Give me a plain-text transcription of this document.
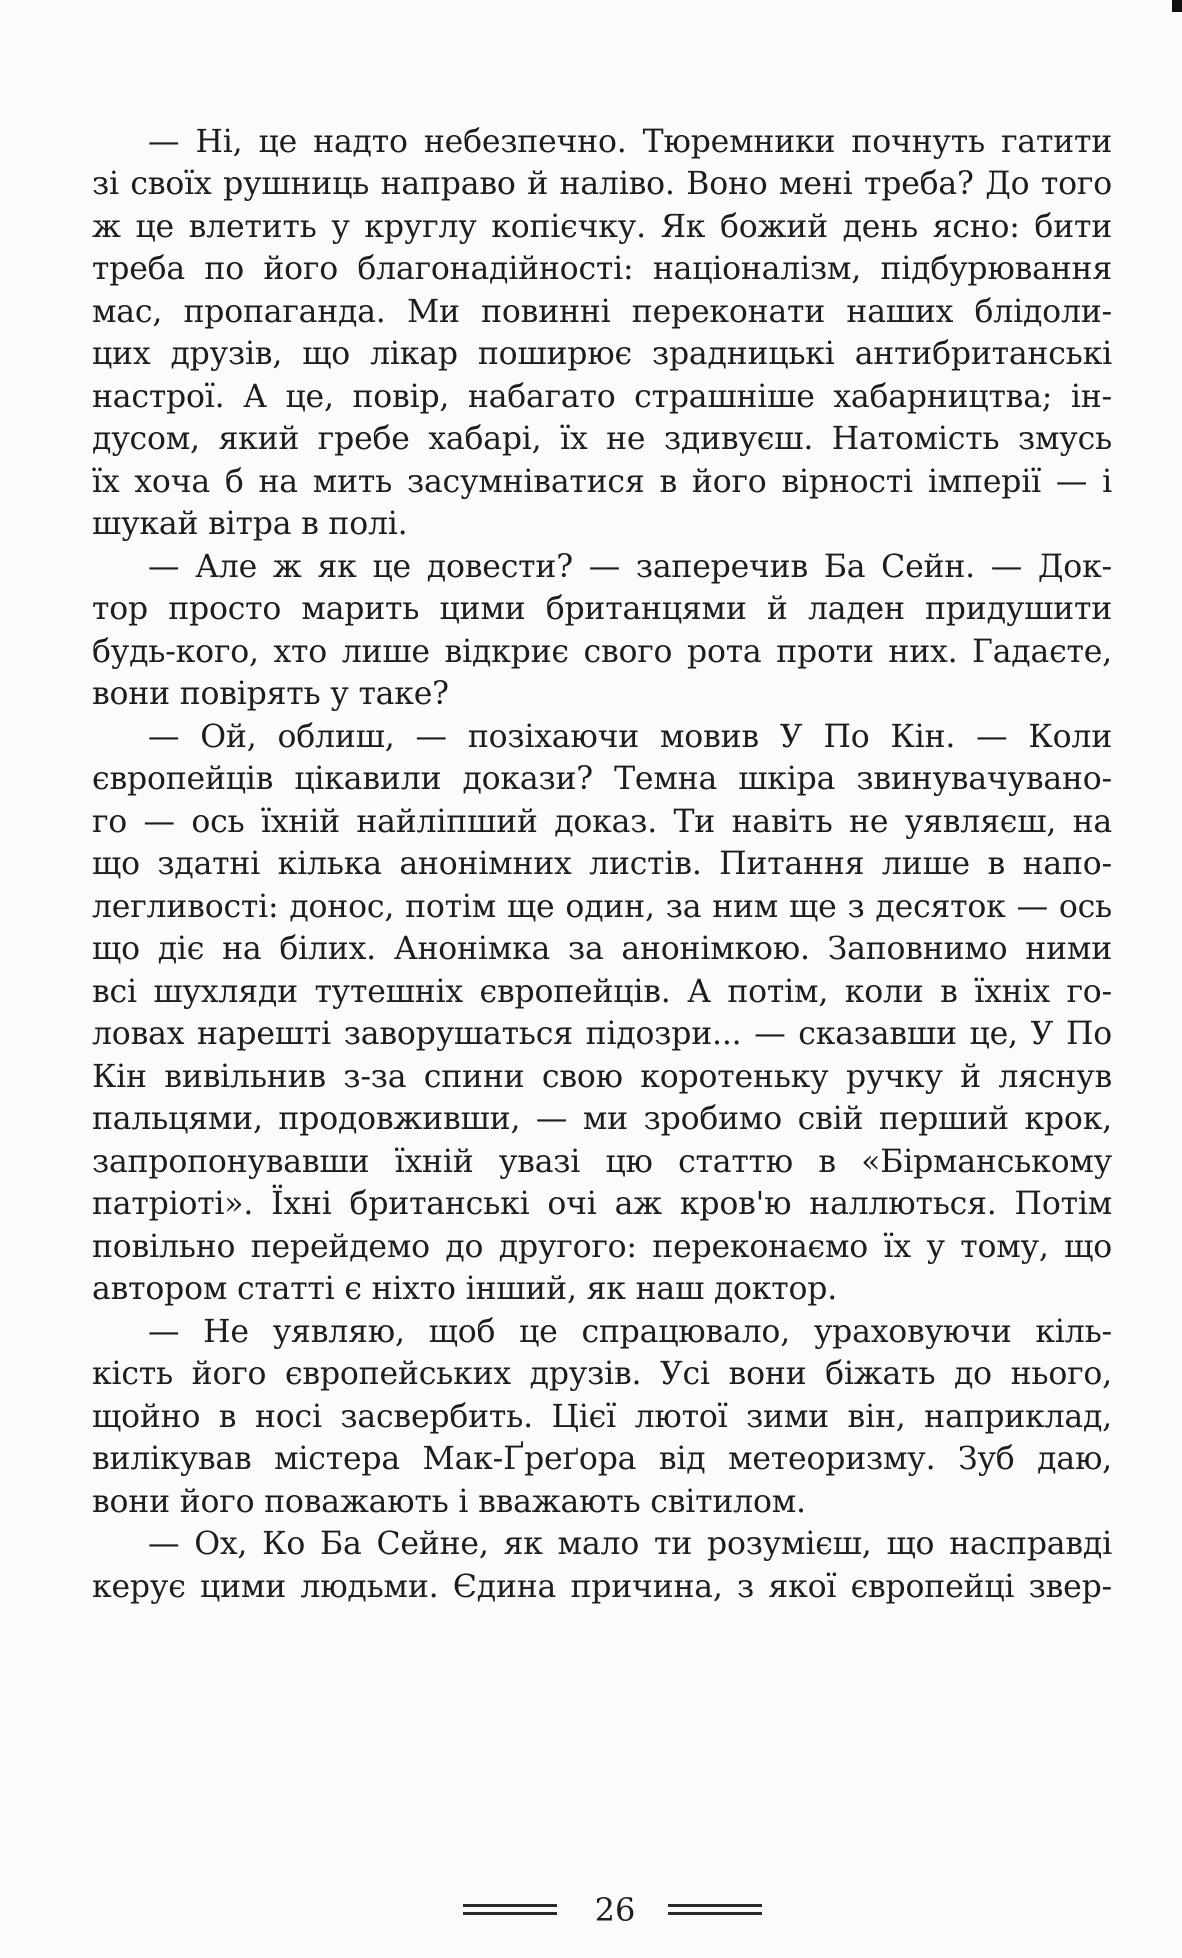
— Ні, це надто небезпечно. Тюремники почнуть гатити
зі своїх рушниць направо й наліво. Воно мені треба? До того
ж це влетить у круглу копієчку. Як божий день ясно: бити
треба по його благонадійності: націоналізм, підбурювання
мас, пропаганда. Ми повинні переконати наших блідоли-
цих друзів, що лікар поширює зрадницькі антибританські
настрої. А це, повір, набагато страшніше хабарництва; ін-
дусом, який гребе хабарі, їх не здивуєш. Натомість змусь
їх хоча б на мить засумніватися в його вірності імперії — і
шукай вітра в полі.
— Але ж як це довести? — заперечив Ба Сейн. — Док-
тор просто марить цими британцями й ладен придушити
будь-кого, хто лише відкриє свого рота проти них. Гадаєте,
вони повірять у таке?
— Ой, облиш, — позіхаючи мовив У По Кін. — Коли
європейців цікавили докази? Темна шкіра звинувачувано-
го — ось їхній найліпший доказ. Ти навіть не уявляєш, на
що здатні кілька анонімних листів. Питання лише в напо-
легливості: донос, потім ще один, за ним ще з десяток — ось
що діє на білих. Анонімка за анонімкою. Заповнимо ними
всі шухляди тутешніх європейців. А потім, коли в їхніх го-
ловах нарешті заворушаться підозри... — сказавши це, У По
Кін вивільнив з-за спини свою коротеньку ручку й ляснув
пальцями, продовживши, — ми зробимо свій перший крок,
запропонувавши їхній увазі цю статтю в «Бірманському
патріоті». Їхні британські очі аж кров'ю наллються. Потім
повільно перейдемо до другого: переконаємо їх у тому, що
автором статті є ніхто інший, як наш доктор.
— Не уявляю, щоб це спрацювало, ураховуючи кіль-
кість його європейських друзів. Усі вони біжать до нього,
щойно в носі засвербить. Цієї лютої зими він, наприклад,
вилікував містера Мак-Ґреґора від метеоризму. Зуб даю,
вони його поважають і вважають світилом.
— Ох, Ко Ба Сейне, як мало ти розумієш, що насправді
керує цими людьми. Єдина причина, з якої європейці звер-
26
